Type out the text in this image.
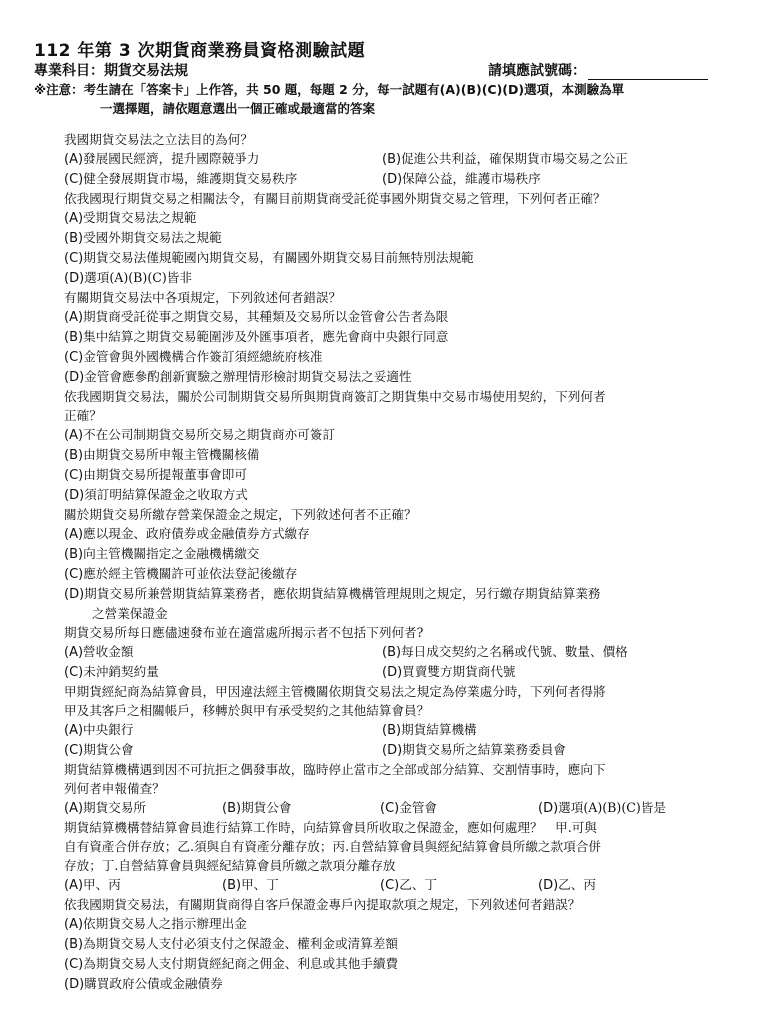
112 年第 3 次期貨商業務員資格測驗試題
專業科目：期貨交易法規	請填應試號碼：
※注意：考生請在「答案卡」上作答，共 50 題，每題 2 分，每一試題有(A)(B)(C)(D)選項，本測驗為單
一選擇題，請依題意選出一個正確或最適當的答案
我國期貨交易法之立法目的為何？
(A)發展國民經濟，提升國際競爭力	(B)促進公共利益，確保期貨市場交易之公正
(C)健全發展期貨市場，維護期貨交易秩序	(D)保障公益，維護市場秩序
依我國現行期貨交易之相關法令，有關目前期貨商受託從事國外期貨交易之管理，下列何者正確？
(A)受期貨交易法之規範
(B)受國外期貨交易法之規範
(C)期貨交易法僅規範國內期貨交易，有關國外期貨交易目前無特別法規範
(D)選項(A)(B)(C)皆非
有關期貨交易法中各項規定，下列敘述何者錯誤？
(A)期貨商受託從事之期貨交易，其種類及交易所以金管會公告者為限
(B)集中結算之期貨交易範圍涉及外匯事項者，應先會商中央銀行同意
(C)金管會與外國機構合作簽訂須經總統府核准
(D)金管會應參酌創新實驗之辦理情形檢討期貨交易法之妥適性
依我國期貨交易法，關於公司制期貨交易所與期貨商簽訂之期貨集中交易市場使用契約，下列何者
正確？
(A)不在公司制期貨交易所交易之期貨商亦可簽訂
(B)由期貨交易所申報主管機關核備
(C)由期貨交易所提報董事會即可
(D)須訂明結算保證金之收取方式
關於期貨交易所繳存營業保證金之規定，下列敘述何者不正確？
(A)應以現金、政府債券或金融債券方式繳存
(B)向主管機關指定之金融機構繳交
(C)應於經主管機關許可並依法登記後繳存
(D)期貨交易所兼營期貨結算業務者，應依期貨結算機構管理規則之規定，另行繳存期貨結算業務
之營業保證金
期貨交易所每日應儘速發布並在適當處所揭示者不包括下列何者?
(A)營收金額	(B)每日成交契約之名稱或代號、數量、價格
(C)未沖銷契約量	(D)買賣雙方期貨商代號
甲期貨經紀商為結算會員，甲因違法經主管機關依期貨交易法之規定為停業處分時，下列何者得將
甲及其客戶之相關帳戶，移轉於與甲有承受契約之其他結算會員？
(A)中央銀行	(B)期貨結算機構
(C)期貨公會	(D)期貨交易所之結算業務委員會
期貨結算機構遇到因不可抗拒之偶發事故，臨時停止當市之全部或部分結算、交割情事時，應向下
列何者申報備查？
(A)期貨交易所	(B)期貨公會	(C)金管會	(D)選項(A)(B)(C)皆是
期貨結算機構替結算會員進行結算工作時，向結算會員所收取之保證金，應如何處理？　甲.可與
自有資產合併存放；乙.須與自有資產分離存放；丙.自營結算會員與經紀結算會員所繳之款項合併
存放；丁.自營結算會員與經紀結算會員所繳之款項分離存放
(A)甲、丙	(B)甲、丁	(C)乙、丁	(D)乙、丙
依我國期貨交易法，有關期貨商得自客戶保證金專戶內提取款項之規定，下列敘述何者錯誤？
(A)依期貨交易人之指示辦理出金
(B)為期貨交易人支付必須支付之保證金、權利金或清算差額
(C)為期貨交易人支付期貨經紀商之佣金、利息或其他手續費
(D)購買政府公債或金融債券
